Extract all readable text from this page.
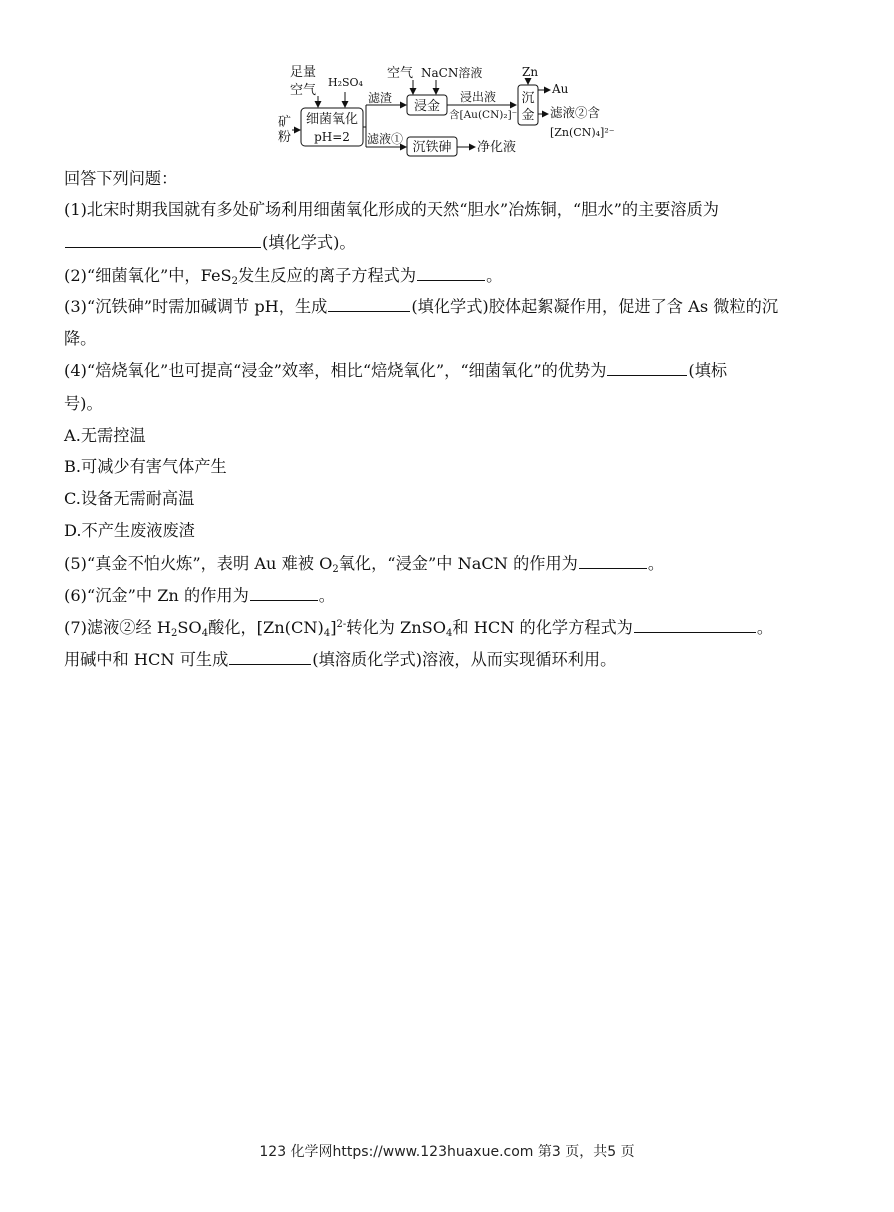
矿
粉
足量
空气
H₂SO₄
细菌氧化
pH=2
滤渣
滤液①
空气 NaCN溶液
浸金
浸出液
含[Au(CN)₂]⁻
Zn
沉
金
Au
滤液②含
[Zn(CN)₄]²⁻
沉铁砷 净化液
回答下列问题：
(1)北宋时期我国就有多处矿场利用细菌氧化形成的天然“胆水”冶炼铜，“胆水”的主要溶质为
(填化学式)。
(2)“细菌氧化”中，FeS$_2$发生反应的离子方程式为	。
(3)“沉铁砷”时需加碱调节 pH，生成	(填化学式)胶体起絮凝作用，促进了含 As 微粒的沉
降。
(4)“焙烧氧化”也可提高“浸金”效率，相比“焙烧氧化”，“细菌氧化”的优势为	(填标
号)。
A.无需控温
B.可减少有害气体产生
C.设备无需耐高温
D.不产生废液废渣
(5)“真金不怕火炼”，表明 Au 难被 $O_2$氧化，“浸金”中 NaCN 的作用为	。
(6)“沉金”中 Zn 的作用为	。
(7)滤液②经 $H_2SO_4$酸化，$[Zn(CN)_4]^{2-}$转化为 ZnSO$_4$和 HCN 的化学方程式为	。
用碱中和 HCN 可生成	(填溶质化学式)溶液，从而实现循环利用。
123 化学网https://www.123huaxue.com 第3 页，共5 页
